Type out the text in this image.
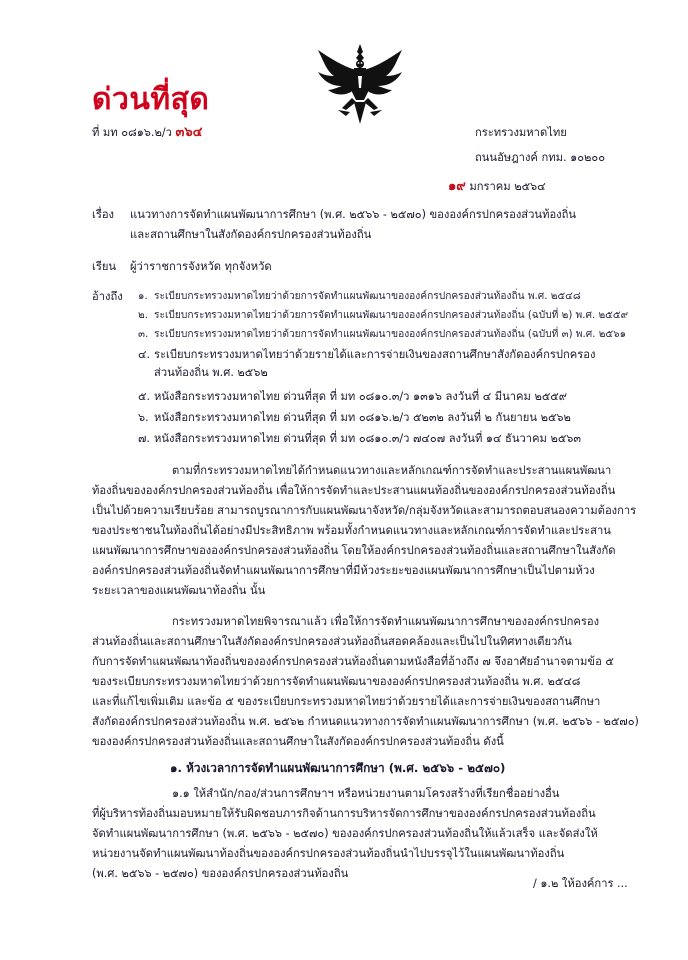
ด่วนที่สุด
ที่ มท ๐๘๑๖.๒/ว ๓๖๔	กระทรวงมหาดไทย
ถนนอัษฎางค์ กทม. ๑๐๒๐๐
๑๙ มกราคม ๒๕๖๔
เรื่อง แนวทางการจัดทำแผนพัฒนาการศึกษา (พ.ศ. ๒๕๖๖ - ๒๕๗๐) ขององค์กรปกครองส่วนท้องถิ่น
และสถานศึกษาในสังกัดองค์กรปกครองส่วนท้องถิ่น
เรียน ผู้ว่าราชการจังหวัด ทุกจังหวัด
อ้างถึง ๑. ระเบียบกระทรวงมหาดไทยว่าด้วยการจัดทำแผนพัฒนาขององค์กรปกครองส่วนท้องถิ่น พ.ศ. ๒๕๔๘
๒. ระเบียบกระทรวงมหาดไทยว่าด้วยการจัดทำแผนพัฒนาขององค์กรปกครองส่วนท้องถิ่น (ฉบับที่ ๒) พ.ศ. ๒๕๕๙
๓. ระเบียบกระทรวงมหาดไทยว่าด้วยการจัดทำแผนพัฒนาขององค์กรปกครองส่วนท้องถิ่น (ฉบับที่ ๓) พ.ศ. ๒๕๖๑
๔. ระเบียบกระทรวงมหาดไทยว่าด้วยรายได้และการจ่ายเงินของสถานศึกษาสังกัดองค์กรปกครอง
ส่วนท้องถิ่น พ.ศ. ๒๕๖๒
๕. หนังสือกระทรวงมหาดไทย ด่วนที่สุด ที่ มท ๐๘๑๐.๓/ว ๑๓๑๖ ลงวันที่ ๔ มีนาคม ๒๕๕๙
๖. หนังสือกระทรวงมหาดไทย ด่วนที่สุด ที่ มท ๐๘๑๖.๒/ว ๕๒๓๒ ลงวันที่ ๒ กันยายน ๒๕๖๒
๗. หนังสือกระทรวงมหาดไทย ด่วนที่สุด ที่ มท ๐๘๑๐.๓/ว ๗๔๐๗ ลงวันที่ ๑๔ ธันวาคม ๒๕๖๓
ตามที่กระทรวงมหาดไทยได้กำหนดแนวทางและหลักเกณฑ์การจัดทำและประสานแผนพัฒนา
ท้องถิ่นขององค์กรปกครองส่วนท้องถิ่น เพื่อให้การจัดทำและประสานแผนท้องถิ่นขององค์กรปกครองส่วนท้องถิ่น
เป็นไปด้วยความเรียบร้อย สามารถบูรณาการกับแผนพัฒนาจังหวัด/กลุ่มจังหวัดและสามารถตอบสนองความต้องการ
ของประชาชนในท้องถิ่นได้อย่างมีประสิทธิภาพ พร้อมทั้งกำหนดแนวทางและหลักเกณฑ์การจัดทำและประสาน
แผนพัฒนาการศึกษาขององค์กรปกครองส่วนท้องถิ่น โดยให้องค์กรปกครองส่วนท้องถิ่นและสถานศึกษาในสังกัด
องค์กรปกครองส่วนท้องถิ่นจัดทำแผนพัฒนาการศึกษาที่มีห้วงระยะของแผนพัฒนาการศึกษาเป็นไปตามห้วง
ระยะเวลาของแผนพัฒนาท้องถิ่น นั้น
กระทรวงมหาดไทยพิจารณาแล้ว เพื่อให้การจัดทำแผนพัฒนาการศึกษาขององค์กรปกครอง
ส่วนท้องถิ่นและสถานศึกษาในสังกัดองค์กรปกครองส่วนท้องถิ่นสอดคล้องและเป็นไปในทิศทางเดียวกัน
กับการจัดทำแผนพัฒนาท้องถิ่นขององค์กรปกครองส่วนท้องถิ่นตามหนังสือที่อ้างถึง ๗ จึงอาศัยอำนาจตามข้อ ๕
ของระเบียบกระทรวงมหาดไทยว่าด้วยการจัดทำแผนพัฒนาขององค์กรปกครองส่วนท้องถิ่น พ.ศ. ๒๕๔๘
และที่แก้ไขเพิ่มเติม และข้อ ๕ ของระเบียบกระทรวงมหาดไทยว่าด้วยรายได้และการจ่ายเงินของสถานศึกษา
สังกัดองค์กรปกครองส่วนท้องถิ่น พ.ศ. ๒๕๖๒ กำหนดแนวทางการจัดทำแผนพัฒนาการศึกษา (พ.ศ. ๒๕๖๖ - ๒๕๗๐)
ขององค์กรปกครองส่วนท้องถิ่นและสถานศึกษาในสังกัดองค์กรปกครองส่วนท้องถิ่น ดังนี้
๑. ห้วงเวลาการจัดทำแผนพัฒนาการศึกษา (พ.ศ. ๒๕๖๖ - ๒๕๗๐)
๑.๑ ให้สำนัก/กอง/ส่วนการศึกษาฯ หรือหน่วยงานตามโครงสร้างที่เรียกชื่ออย่างอื่น
ที่ผู้บริหารท้องถิ่นมอบหมายให้รับผิดชอบภารกิจด้านการบริหารจัดการศึกษาขององค์กรปกครองส่วนท้องถิ่น
จัดทำแผนพัฒนาการศึกษา (พ.ศ. ๒๕๖๖ - ๒๕๗๐) ขององค์กรปกครองส่วนท้องถิ่นให้แล้วเสร็จ และจัดส่งให้
หน่วยงานจัดทำแผนพัฒนาท้องถิ่นขององค์กรปกครองส่วนท้องถิ่นนำไปบรรจุไว้ในแผนพัฒนาท้องถิ่น
(พ.ศ. ๒๕๖๖ - ๒๕๗๐) ขององค์กรปกครองส่วนท้องถิ่น
/ ๑.๒ ให้องค์การ ...
